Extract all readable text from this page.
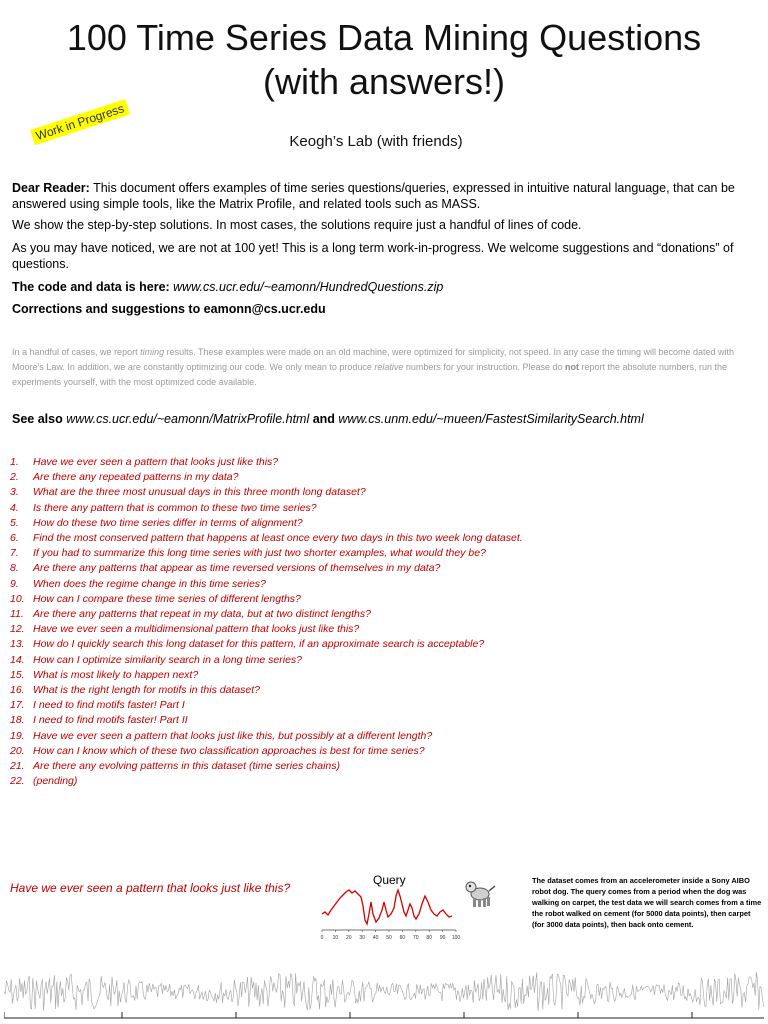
100 Time Series Data Mining Questions
(with answers!)
Work in Progress	Keogh’s Lab (with friends)
Dear Reader: This document offers examples of time series questions/queries, expressed in intuitive natural language, that can be answered using simple tools, like the Matrix Profile, and related tools such as MASS.
We show the step-by-step solutions. In most cases, the solutions require just a handful of lines of code.
As you may have noticed, we are not at 100 yet! This is a long term work-in-progress. We welcome suggestions and “donations” of questions.
The code and data is here: www.cs.ucr.edu/~eamonn/HundredQuestions.zip
Corrections and suggestions to eamonn@cs.ucr.edu
In a handful of cases, we report timing results. These examples were made on an old machine, were optimized for simplicity, not speed. In any case the timing will become dated with Moore’s Law. In addition, we are constantly optimizing our code. We only mean to produce relative numbers for your instruction. Please do not report the absolute numbers, run the experiments yourself, with the most optimized code available.
See also www.cs.ucr.edu/~eamonn/MatrixProfile.html and www.cs.unm.edu/~mueen/FastestSimilaritySearch.html
1. Have we ever seen a pattern that looks just like this?
2. Are there any repeated patterns in my data?
3. What are the three most unusual days in this three month long dataset?
4. Is there any pattern that is common to these two time series?
5. How do these two time series differ in terms of alignment?
6. Find the most conserved pattern that happens at least once every two days in this two week long dataset.
7. If you had to summarize this long time series with just two shorter examples, what would they be?
8. Are there any patterns that appear as time reversed versions of themselves in my data?
9. When does the regime change in this time series?
10. How can I compare these time series of different lengths?
11. Are there any patterns that repeat in my data, but at two distinct lengths?
12. Have we ever seen a multidimensional pattern that looks just like this?
13. How do I quickly search this long dataset for this pattern, if an approximate search is acceptable?
14. How can I optimize similarity search in a long time series?
15. What is most likely to happen next?
16. What is the right length for motifs in this dataset?
17. I need to find motifs faster! Part I
18. I need to find motifs faster! Part II
19. Have we ever seen a pattern that looks just like this, but possibly at a different length?
20. How can I know which of these two classification approaches is best for time series?
21. Are there any evolving patterns in this dataset (time series chains)
22. (pending)
Have we ever seen a pattern that looks just like this?
Query
0 10 20 30 40 50 60 70 80 90 100
The dataset comes from an accelerometer inside a Sony AIBO robot dog. The query comes from a period when the dog was walking on carpet, the test data we will search comes from a time the robot walked on cement (for 5000 data points), then carpet (for 3000 data points), then back onto cement.
